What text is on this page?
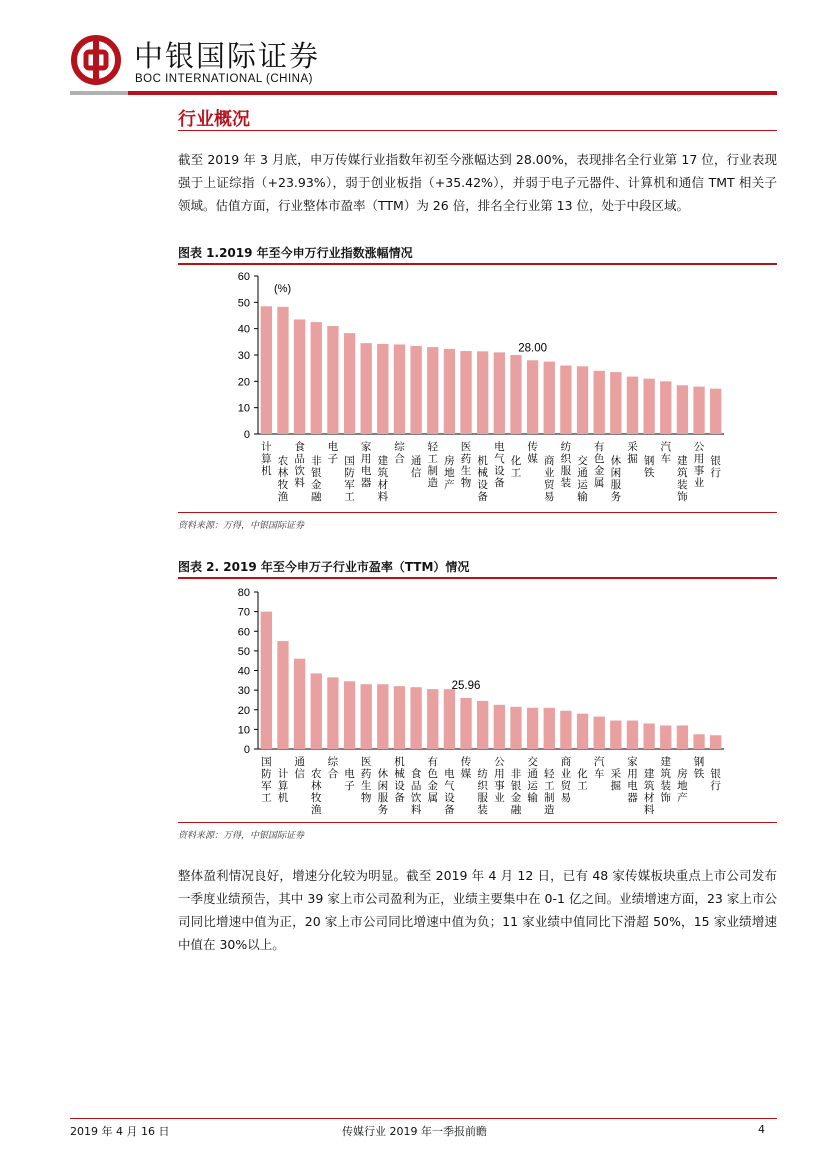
中银国际证券
BOC INTERNATIONAL (CHINA)
行业概况
截至 2019 年 3 月底，申万传媒行业指数年初至今涨幅达到 28.00%，表现排名全行业第 17 位，行业表现强于上证综指（+23.93%），弱于创业板指（+35.42%），并弱于电子元器件、计算机和通信 TMT 相关子领域。估值方面，行业整体市盈率（TTM）为 26 倍，排名全行业第 13 位，处于中段区域。
图表 1.2019 年至今申万行业指数涨幅情况
0
10
20
30
40
50
60
(%)
计算机
农林牧渔
食品饮料
非银金融
电子 国防军工
家用电器
建筑材料
综合 通信
轻工制造
房地产
医药生物
机械设备
电气设备
化工
传媒
28.00
商业贸易
纺织服装
交通运输
有色金属
休闲服务
采掘 钢铁
汽车 建筑装饰
公用事业
银行
资料来源：万得，中银国际证券
图表 2. 2019 年至今申万子行业市盈率（TTM）情况
0
10
20
30
40
50
60
70
80
国防军工
计算机
通信 农林牧渔
综合 电子
医药生物
休闲服务
机械设备
食品饮料
有色金属
电气设备
传媒
25.96
纺织服装
公用事业
非银金融
交通运输
轻工制造
商业贸易
化工
汽车 采掘
家用电器
建筑材料
建筑装饰
房地产
钢铁 银行
资料来源：万得，中银国际证券
整体盈利情况良好，增速分化较为明显。截至 2019 年 4 月 12 日，已有 48 家传媒板块重点上市公司发布一季度业绩预告，其中 39 家上市公司盈利为正，业绩主要集中在 0-1 亿之间。业绩增速方面，23 家上市公司同比增速中值为正，20 家上市公司同比增速中值为负；11 家业绩中值同比下滑超 50%，15 家业绩增速中值在 30%以上。
2019 年 4 月 16 日	传媒行业 2019 年一季报前瞻	4
